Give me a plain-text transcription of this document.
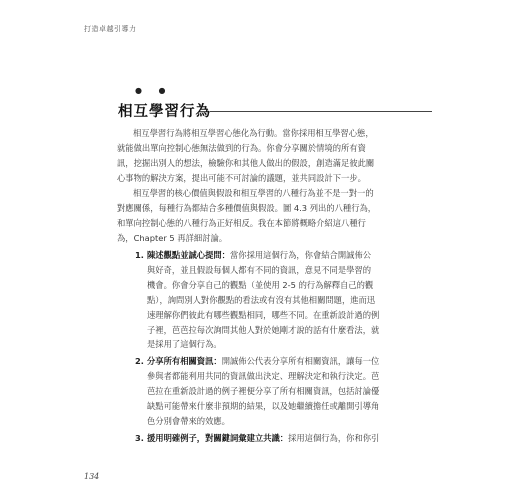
打造卓越引導力
● ●
相互學習行為
相互學習行為將相互學習心態化為行動。當你採用相互學習心態，
就能做出單向控制心態無法做到的行為。你會分享關於情境的所有資
訊，挖掘出別人的想法，檢驗你和其他人做出的假設，創造滿足彼此關
心事物的解決方案，提出可能不可討論的議題，並共同設計下一步。
相互學習的核心價值與假設和相互學習的八種行為並不是一對一的
對應關係，每種行為都結合多種價值與假設。圖 4.3 列出的八種行為，
和單向控制心態的八種行為正好相反。我在本節將概略介紹這八種行
為，Chapter 5 再詳細討論。
1. 陳述觀點並誠心提問：當你採用這個行為，你會結合開誠佈公
與好奇，並且假設每個人都有不同的資訊，意見不同是學習的
機會。你會分享自己的觀點（並使用 2-5 的行為解釋自己的觀
點），詢問別人對你觀點的看法或有沒有其他相關問題，進而迅
速理解你們彼此有哪些觀點相同，哪些不同。在重新設計過的例
子裡，芭芭拉每次詢問其他人對於她剛才說的話有什麼看法，就
是採用了這個行為。
2. 分享所有相關資訊：開誠佈公代表分享所有相關資訊，讓每一位
參與者都能利用共同的資訊做出決定、理解決定和執行決定。芭
芭拉在重新設計過的例子裡便分享了所有相關資訊，包括討論優
缺點可能帶來什麼非預期的結果，以及她繼續擔任或離開引導角
色分別會帶來的效應。
3. 援用明確例子，對關鍵詞彙建立共識：採用這個行為，你和你引
134
